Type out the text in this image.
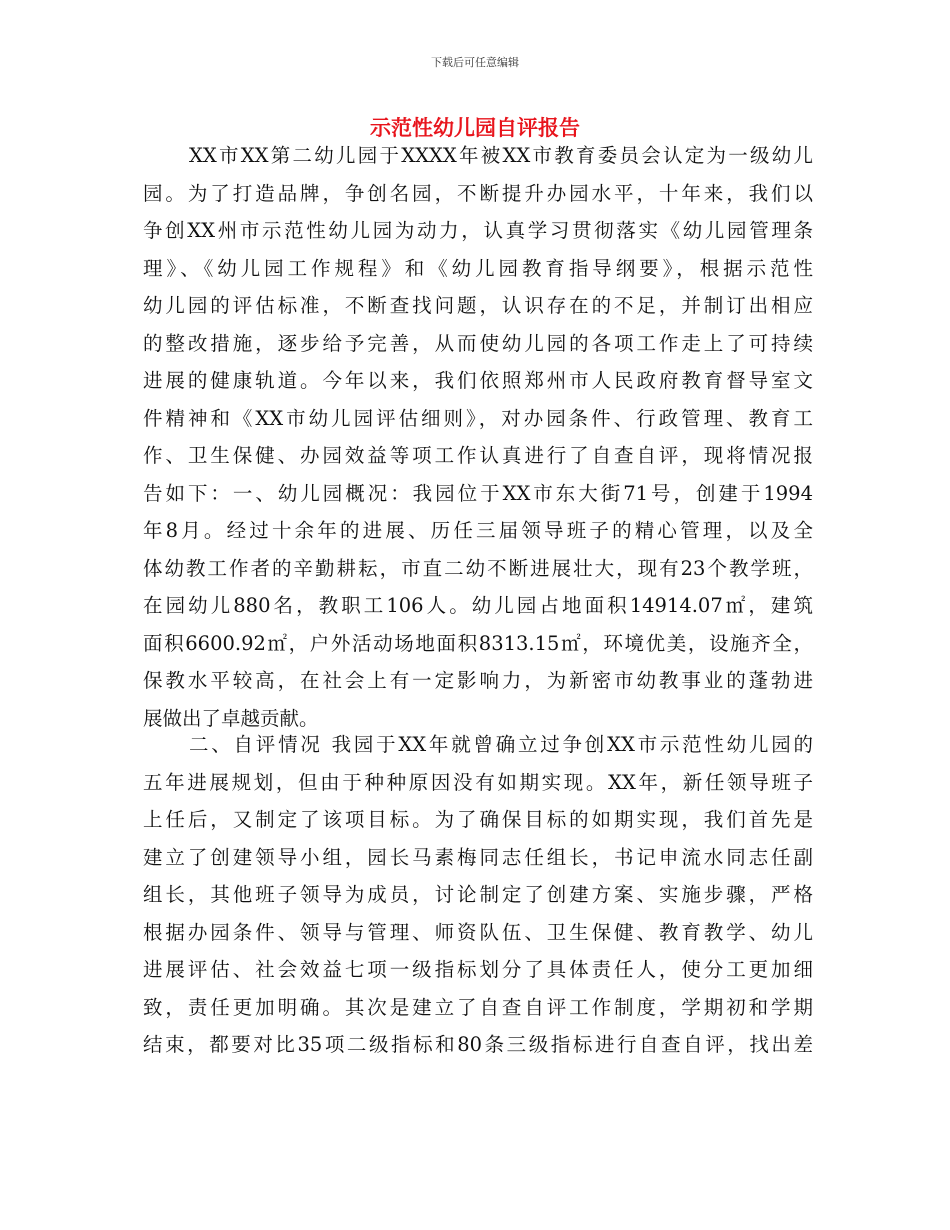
下载后可任意编辑
示范性幼儿园自评报告
XX市XX第二幼儿园于XXXX年被XX市教育委员会认定为一级幼儿
园。为了打造品牌，争创名园，不断提升办园水平，十年来，我们以
争创XX州市示范性幼儿园为动力，认真学习贯彻落实《幼儿园管理条
理》、《幼儿园工作规程》和《幼儿园教育指导纲要》，根据示范性
幼儿园的评估标准，不断查找问题，认识存在的不足，并制订出相应
的整改措施，逐步给予完善，从而使幼儿园的各项工作走上了可持续
进展的健康轨道。今年以来，我们依照郑州市人民政府教育督导室文
件精神和《XX市幼儿园评估细则》，对办园条件、行政管理、教育工
作、卫生保健、办园效益等项工作认真进行了自查自评，现将情况报
告如下：一、幼儿园概况：我园位于XX市东大街71号，创建于1994
年8月。经过十余年的进展、历任三届领导班子的精心管理，以及全
体幼教工作者的辛勤耕耘，市直二幼不断进展壮大，现有23个教学班，
在园幼儿880名，教职工106人。幼儿园占地面积14914.07㎡，建筑
面积6600.92㎡，户外活动场地面积8313.15㎡，环境优美，设施齐全，
保教水平较高，在社会上有一定影响力，为新密市幼教事业的蓬勃进
展做出了卓越贡献。
二、自评情况 我园于XX年就曾确立过争创XX市示范性幼儿园的
五年进展规划，但由于种种原因没有如期实现。XX年，新任领导班子
上任后，又制定了该项目标。为了确保目标的如期实现，我们首先是
建立了创建领导小组，园长马素梅同志任组长，书记申流水同志任副
组长，其他班子领导为成员，讨论制定了创建方案、实施步骤，严格
根据办园条件、领导与管理、师资队伍、卫生保健、教育教学、幼儿
进展评估、社会效益七项一级指标划分了具体责任人，使分工更加细
致，责任更加明确。其次是建立了自查自评工作制度，学期初和学期
结束，都要对比35项二级指标和80条三级指标进行自查自评，找出差
